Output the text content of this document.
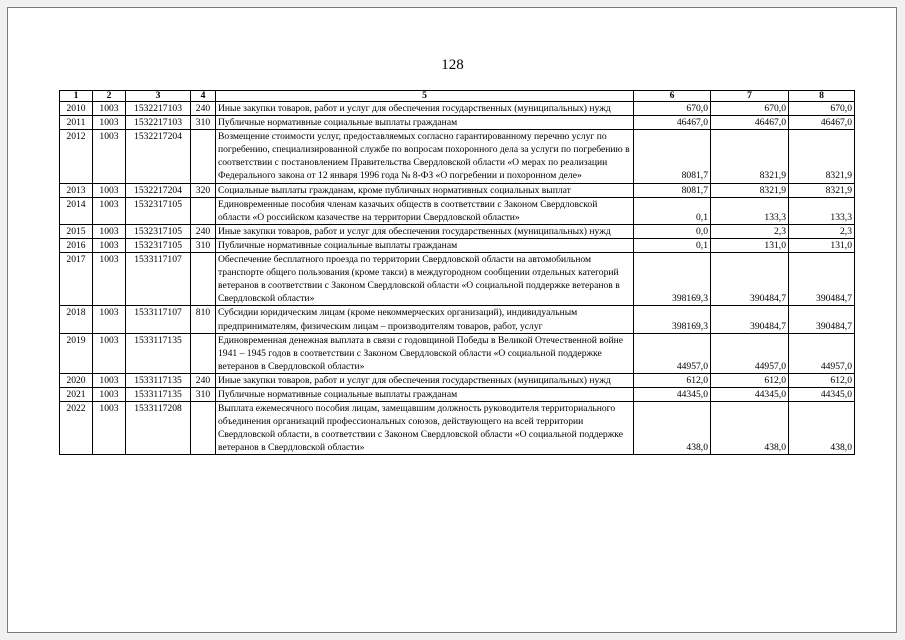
128
1	2	3	4	5	6	7	8
2010	1003	1532217103	240	Иные закупки товаров, работ и услуг для обеспечения государственных (муниципальных) нужд	670,0	670,0	670,0
2011	1003	1532217103	310	Публичные нормативные социальные выплаты гражданам	46467,0	46467,0	46467,0
2012	1003	1532217204		Возмещение стоимости услуг, предоставляемых согласно гарантированному перечню услуг по погребению, специализированной службе по вопросам похоронного дела за услуги по погребению в соответствии с постановлением Правительства Свердловской области «О мерах по реализации Федерального закона от 12 января 1996 года № 8-ФЗ «О погребении и похоронном деле»	8081,7	8321,9	8321,9
2013	1003	1532217204	320	Социальные выплаты гражданам, кроме публичных нормативных социальных выплат	8081,7	8321,9	8321,9
2014	1003	1532317105		Единовременные пособия членам казачьих обществ в соответствии с Законом Свердловской области «О российском казачестве на территории Свердловской области»	0,1	133,3	133,3
2015	1003	1532317105	240	Иные закупки товаров, работ и услуг для обеспечения государственных (муниципальных) нужд	0,0	2,3	2,3
2016	1003	1532317105	310	Публичные нормативные социальные выплаты гражданам	0,1	131,0	131,0
2017	1003	1533117107		Обеспечение бесплатного проезда по территории Свердловской области на автомобильном транспорте общего пользования (кроме такси) в междугородном сообщении отдельных категорий ветеранов в соответствии с Законом Свердловской области «О социальной поддержке ветеранов в Свердловской области»	398169,3	390484,7	390484,7
2018	1003	1533117107	810	Субсидии юридическим лицам (кроме некоммерческих организаций), индивидуальным предпринимателям, физическим лицам – производителям товаров, работ, услуг	398169,3	390484,7	390484,7
2019	1003	1533117135		Единовременная денежная выплата в связи с годовщиной Победы в Великой Отечественной войне 1941 – 1945 годов в соответствии с Законом Свердловской области «О социальной поддержке ветеранов в Свердловской области»	44957,0	44957,0	44957,0
2020	1003	1533117135	240	Иные закупки товаров, работ и услуг для обеспечения государственных (муниципальных) нужд	612,0	612,0	612,0
2021	1003	1533117135	310	Публичные нормативные социальные выплаты гражданам	44345,0	44345,0	44345,0
2022	1003	1533117208		Выплата ежемесячного пособия лицам, замещавшим должность руководителя территориального объединения организаций профессиональных союзов, действующего на всей территории Свердловской области, в соответствии с Законом Свердловской области «О социальной поддержке ветеранов в Свердловской области»	438,0	438,0	438,0
